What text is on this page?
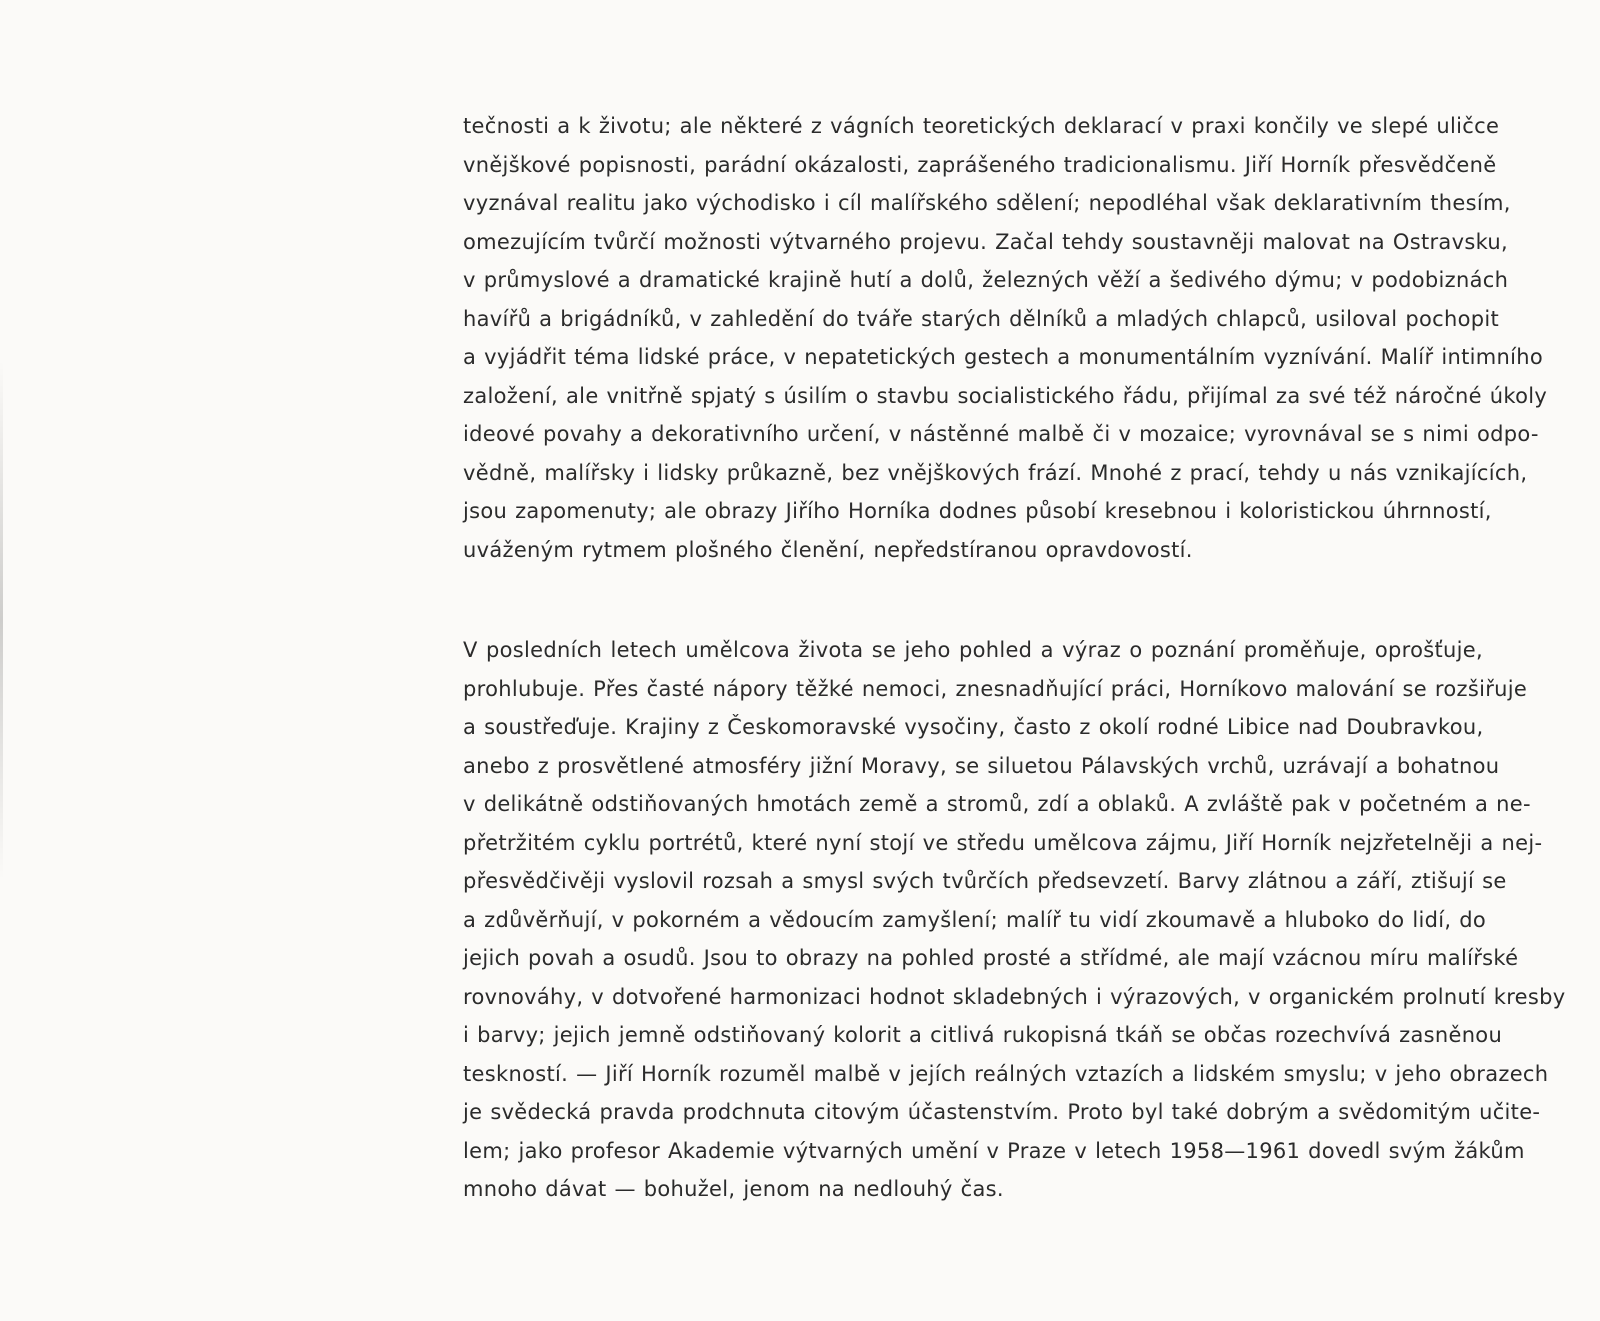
tečnosti a k životu; ale některé z vágních teoretických deklarací v praxi končily ve slepé uličce
vnějškové popisnosti, parádní okázalosti, zaprášeného tradicionalismu. Jiří Horník přesvědčeně
vyznával realitu jako východisko i cíl malířského sdělení; nepodléhal však deklarativním thesím,
omezujícím tvůrčí možnosti výtvarného projevu. Začal tehdy soustavněji malovat na Ostravsku,
v průmyslové a dramatické krajině hutí a dolů, železných věží a šedivého dýmu; v podobiznách
havířů a brigádníků, v zahledění do tváře starých dělníků a mladých chlapců, usiloval pochopit
a vyjádřit téma lidské práce, v nepatetických gestech a monumentálním vyznívání. Malíř intimního
založení, ale vnitřně spjatý s úsilím o stavbu socialistického řádu, přijímal za své též náročné úkoly
ideové povahy a dekorativního určení, v nástěnné malbě či v mozaice; vyrovnával se s nimi odpo-
vědně, malířsky i lidsky průkazně, bez vnějškových frází. Mnohé z prací, tehdy u nás vznikajících,
jsou zapomenuty; ale obrazy Jiřího Horníka dodnes působí kresebnou i koloristickou úhrnností,
uváženým rytmem plošného členění, nepředstíranou opravdovostí.
V posledních letech umělcova života se jeho pohled a výraz o poznání proměňuje, oprošťuje,
prohlubuje. Přes časté nápory těžké nemoci, znesnadňující práci, Horníkovo malování se rozšiřuje
a soustřeďuje. Krajiny z Českomoravské vysočiny, často z okolí rodné Libice nad Doubravkou,
anebo z prosvětlené atmosféry jižní Moravy, se siluetou Pálavských vrchů, uzrávají a bohatnou
v delikátně odstiňovaných hmotách země a stromů, zdí a oblaků. A zvláště pak v početném a ne-
přetržitém cyklu portrétů, které nyní stojí ve středu umělcova zájmu, Jiří Horník nejzřetelněji a nej-
přesvědčivěji vyslovil rozsah a smysl svých tvůrčích předsevzetí. Barvy zlátnou a září, ztišují se
a zdůvěrňují, v pokorném a vědoucím zamyšlení; malíř tu vidí zkoumavě a hluboko do lidí, do
jejich povah a osudů. Jsou to obrazy na pohled prosté a střídmé, ale mají vzácnou míru malířské
rovnováhy, v dotvořené harmonizaci hodnot skladebných i výrazových, v organickém prolnutí kresby
i barvy; jejich jemně odstiňovaný kolorit a citlivá rukopisná tkáň se občas rozechvívá zasněnou
teskností. — Jiří Horník rozuměl malbě v jejích reálných vztazích a lidském smyslu; v jeho obrazech
je svědecká pravda prodchnuta citovým účastenstvím. Proto byl také dobrým a svědomitým učite-
lem; jako profesor Akademie výtvarných umění v Praze v letech 1958—1961 dovedl svým žákům
mnoho dávat — bohužel, jenom na nedlouhý čas.
